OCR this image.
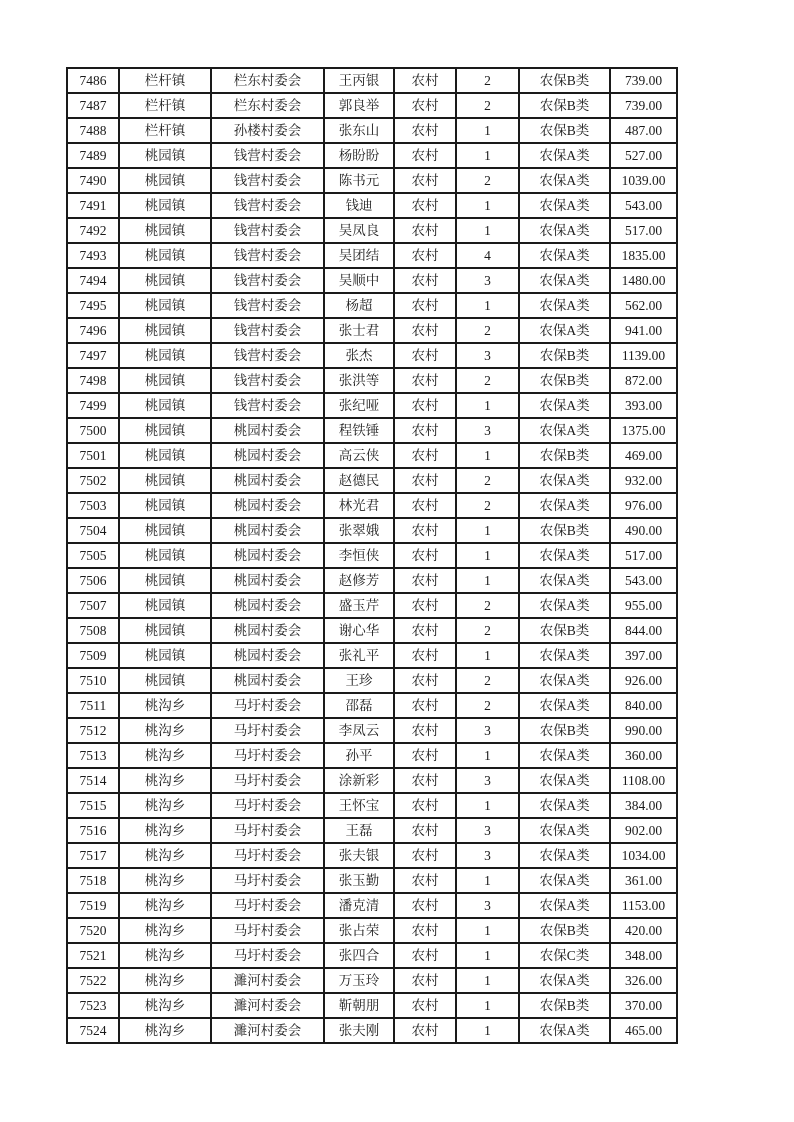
7486	栏杆镇	栏东村委会	王丙银	农村	2	农保B类	739.00
7487	栏杆镇	栏东村委会	郭良举	农村	2	农保B类	739.00
7488	栏杆镇	孙楼村委会	张东山	农村	1	农保B类	487.00
7489	桃园镇	钱营村委会	杨盼盼	农村	1	农保A类	527.00
7490	桃园镇	钱营村委会	陈书元	农村	2	农保A类	1039.00
7491	桃园镇	钱营村委会	钱迪	农村	1	农保A类	543.00
7492	桃园镇	钱营村委会	吴凤良	农村	1	农保A类	517.00
7493	桃园镇	钱营村委会	吴团结	农村	4	农保A类	1835.00
7494	桃园镇	钱营村委会	吴顺中	农村	3	农保A类	1480.00
7495	桃园镇	钱营村委会	杨超	农村	1	农保A类	562.00
7496	桃园镇	钱营村委会	张士君	农村	2	农保A类	941.00
7497	桃园镇	钱营村委会	张杰	农村	3	农保B类	1139.00
7498	桃园镇	钱营村委会	张洪等	农村	2	农保B类	872.00
7499	桃园镇	钱营村委会	张纪哑	农村	1	农保A类	393.00
7500	桃园镇	桃园村委会	程铁锤	农村	3	农保A类	1375.00
7501	桃园镇	桃园村委会	高云侠	农村	1	农保B类	469.00
7502	桃园镇	桃园村委会	赵德民	农村	2	农保A类	932.00
7503	桃园镇	桃园村委会	林光君	农村	2	农保A类	976.00
7504	桃园镇	桃园村委会	张翠娥	农村	1	农保B类	490.00
7505	桃园镇	桃园村委会	李恒侠	农村	1	农保A类	517.00
7506	桃园镇	桃园村委会	赵修芳	农村	1	农保A类	543.00
7507	桃园镇	桃园村委会	盛玉芹	农村	2	农保A类	955.00
7508	桃园镇	桃园村委会	谢心华	农村	2	农保B类	844.00
7509	桃园镇	桃园村委会	张礼平	农村	1	农保A类	397.00
7510	桃园镇	桃园村委会	王珍	农村	2	农保A类	926.00
7511	桃沟乡	马圩村委会	邵磊	农村	2	农保A类	840.00
7512	桃沟乡	马圩村委会	李凤云	农村	3	农保B类	990.00
7513	桃沟乡	马圩村委会	孙平	农村	1	农保A类	360.00
7514	桃沟乡	马圩村委会	涂新彩	农村	3	农保A类	1108.00
7515	桃沟乡	马圩村委会	王怀宝	农村	1	农保A类	384.00
7516	桃沟乡	马圩村委会	王磊	农村	3	农保A类	902.00
7517	桃沟乡	马圩村委会	张夫银	农村	3	农保A类	1034.00
7518	桃沟乡	马圩村委会	张玉勤	农村	1	农保A类	361.00
7519	桃沟乡	马圩村委会	潘克清	农村	3	农保A类	1153.00
7520	桃沟乡	马圩村委会	张占荣	农村	1	农保B类	420.00
7521	桃沟乡	马圩村委会	张四合	农村	1	农保C类	348.00
7522	桃沟乡	濉河村委会	万玉玲	农村	1	农保A类	326.00
7523	桃沟乡	濉河村委会	靳朝朋	农村	1	农保B类	370.00
7524	桃沟乡	濉河村委会	张夫刚	农村	1	农保A类	465.00
